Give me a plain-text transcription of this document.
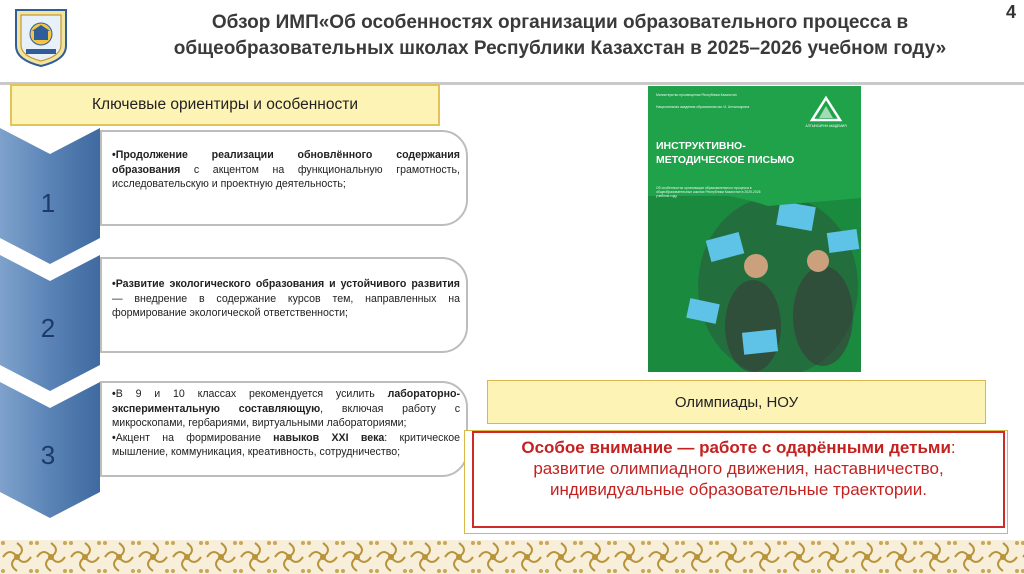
Обзор ИМП«Об особенностях организации образовательного процесса в
общеобразовательных школах Республики Казахстан в 2025–2026 учебном году»
4
Ключевые ориентиры и особенности
1
2
3

•Продолжение реализации обновлённого содержания образования с акцентом на функциональную грамотность, исследовательскую и проектную деятельность;

•Развитие экологического образования и устойчивого развития — внедрение в содержание курсов тем, направленных на формирование экологической ответственности;

•В 9 и 10 классах рекомендуется усилить лабораторно-экспериментальную составляющую, включая работу с микроскопами, гербариями, виртуальными лабораториями;

•Акцент на формирование навыков XXI века: критическое мышление, коммуникация, креативность, сотрудничество;

АЛТЫНСАРИН АКАДЕМИЯ
Министерство просвещения Республики Казахстан
Национальная академия образования им. И. Алтынсарина
ИНСТРУКТИВНО-
МЕТОДИЧЕСКОЕ ПИСЬМО
Об особенностях организации образовательного процесса в общеобразовательных школах Республики Казахстан в 2025-2026 учебном году
Олимпиады, НОУ
Особое внимание — работе с одарёнными детьми:
развитие олимпиадного движения, наставничество, индивидуальные образовательные траектории.
